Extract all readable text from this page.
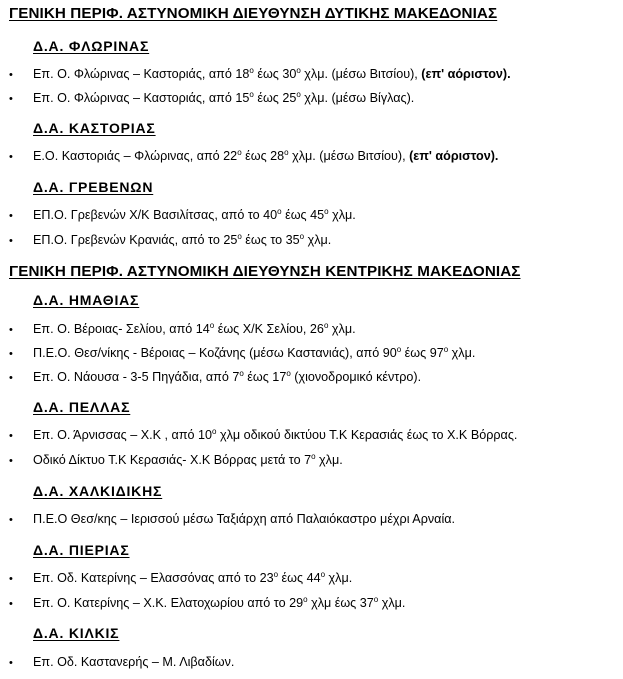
ΓΕΝΙΚΗ ΠΕΡΙΦ. ΑΣΤΥΝΟΜΙΚΗ ΔΙΕΥΘΥΝΣΗ ΔΥΤΙΚΗΣ ΜΑΚΕΔΟΝΙΑΣ
Δ.Α. ΦΛΩΡΙΝΑΣ
• Επ. Ο. Φλώρινας – Καστοριάς, από $18^o$ έως $30^o$ χλμ. (μέσω Βιτσίου), (επ' αόριστον).
• Επ. Ο. Φλώρινας – Καστοριάς, από $15^o$ έως $25^o$ χλμ. (μέσω Βίγλας).
Δ.Α. ΚΑΣΤΟΡΙΑΣ
• Ε.Ο. Καστοριάς – Φλώρινας, από $22^o$ έως $28^o$ χλμ. (μέσω Βιτσίου), (επ' αόριστον).
Δ.Α. ΓΡΕΒΕΝΩΝ
• ΕΠ.Ο. Γρεβενών Χ/Κ Βασιλίτσας, από το $40^o$ έως $45^o$ χλμ.
• ΕΠ.Ο. Γρεβενών Κρανιάς, από το $25^o$ έως το $35^o$ χλμ.
ΓΕΝΙΚΗ ΠΕΡΙΦ. ΑΣΤΥΝΟΜΙΚΗ ΔΙΕΥΘΥΝΣΗ ΚΕΝΤΡΙΚΗΣ ΜΑΚΕΔΟΝΙΑΣ
Δ.Α. ΗΜΑΘΙΑΣ
• Επ. Ο. Βέροιας- Σελίου, από $14^o$ έως Χ/Κ Σελίου, $26^o$ χλμ.
• Π.Ε.Ο. Θεσ/νίκης - Βέροιας – Κοζάνης (μέσω Καστανιάς), από $90^o$ έως $97^o$ χλμ.
• Επ. Ο. Νάουσα - 3-5 Πηγάδια, από $7^o$ έως $17^o$ (χιονοδρομικό κέντρο).
Δ.Α. ΠΕΛΛΑΣ
• Επ. Ο. Άρνισσας – Χ.Κ , από $10^o$ χλμ οδικού δικτύου Τ.Κ Κερασιάς έως το Χ.Κ Βόρρας.
• Οδικό Δίκτυο Τ.Κ Κερασιάς- Χ.Κ Βόρρας μετά το $7^o$ χλμ.
Δ.Α. ΧΑΛΚΙΔΙΚΗΣ
• Π.Ε.Ο Θεσ/κης – Ιερισσού μέσω Ταξιάρχη από Παλαιόκαστρο μέχρι Αρναία.
Δ.Α. ΠΙΕΡΙΑΣ
• Επ. Οδ. Κατερίνης – Ελασσόνας από το $23^o$ έως $44^o$ χλμ.
• Επ. Ο. Κατερίνης – Χ.Κ. Ελατοχωρίου από το $29^o$ χλμ έως $37^o$ χλμ.
Δ.Α. ΚΙΛΚΙΣ
• Επ. Οδ. Καστανερής – Μ. Λιβαδίων.
